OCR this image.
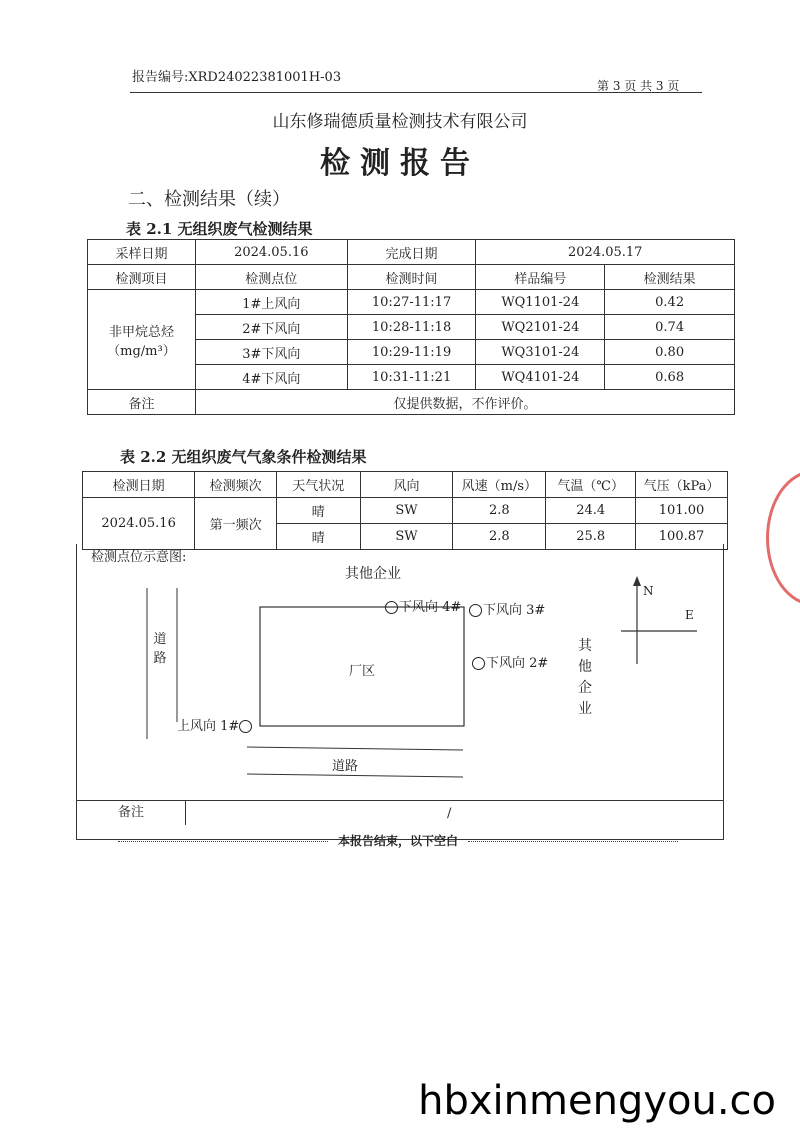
报告编号:XRD24022381001H-03
第 3 页 共 3 页
山东修瑞德质量检测技术有限公司
检测报告
二、检测结果（续）
表 2.1 无组织废气检测结果
采样日期	2024.05.16	完成日期	2024.05.17	
检测项目	检测点位	检测时间	样品编号	检测结果

非甲烷总烃
（mg/m³）	1#上风向	10:27-11:17	WQ1101-24	0.42
	2#下风向	10:28-11:18	WQ2101-24	0.74
	3#下风向	10:29-11:19	WQ3101-24	0.80
	4#下风向	10:31-11:21	WQ4101-24	0.68
备注	仅提供数据，不作评价。			
表 2.2 无组织废气气象条件检测结果
检测日期	检测频次	天气状况	风向	风速（m/s）	气温（℃）	气压（kPa）
2024.05.16	第一频次	晴	SW	2.8	24.4	101.00
		晴	SW	2.8	25.8	100.87
检测点位示意图:
其他企业
道路
厂区
其他企业
道路
下风向 4#	下风向 3#
下风向 2#
上风向 1#
N
E
备注	/
本报告结束，以下空白
hbxinmengyou.co
